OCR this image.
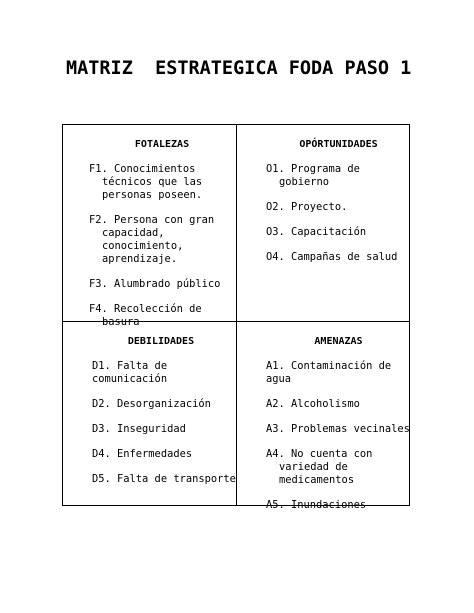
MATRIZ  ESTRATEGICA FODA PASO 1
FOTALEZAS
F1. Conocimientos técnicos que las personas poseen.
F2. Persona con gran capacidad, conocimiento, aprendizaje.
F3. Alumbrado público
F4. Recolección de basura
OPÓRTUNIDADES
O1. Programa de gobierno
O2. Proyecto.
O3. Capacitación
O4. Campañas de salud
DEBILIDADES
D1. Falta de comunicación
D2. Desorganización
D3. Inseguridad
D4. Enfermedades
D5. Falta de transporte
AMENAZAS
A1. Contaminación de agua
A2. Alcoholismo
A3. Problemas vecinales
A4. No cuenta con variedad de medicamentos
A5. Inundaciones
